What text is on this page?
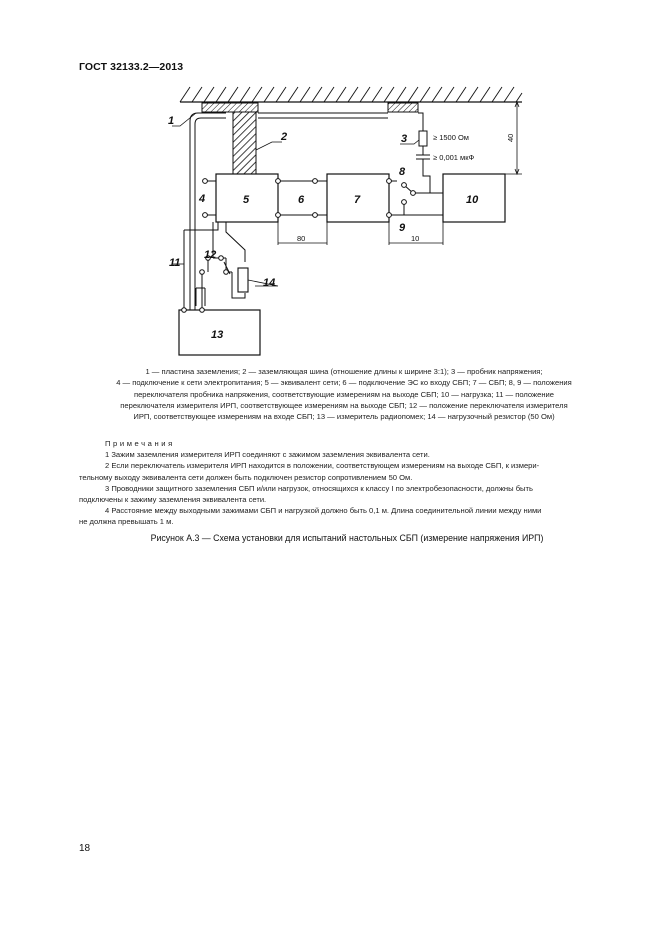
ГОСТ 32133.2—2013
1
2	3
4	5	6	7
8
9
10
11
12
13
14
≥ 1500 Ом
≥ 0,001 мкФ
40
80	10
1 — пластина заземления; 2 — заземляющая шина (отношение длины к ширине 3:1); 3 — пробник напряжения;
4 — подключение к сети электропитания; 5 — эквивалент сети; 6 — подключение ЭС ко входу СБП; 7 — СБП; 8, 9 — положения
переключателя пробника напряжения, соответствующие измерениям на выходе СБП; 10 — нагрузка; 11 — положение
переключателя измерителя ИРП, соответствующее измерениям на выходе СБП; 12 — положение переключателя измерителя
ИРП, соответствующее измерениям на входе СБП; 13 — измеритель радиопомех; 14 — нагрузочный резистор (50 Ом)

Примечания

1 Зажим заземления измерителя ИРП соединяют с зажимом заземления эквивалента сети.

2 Если переключатель измерителя ИРП находится в положении, соответствующем измерениям на выходе СБП, к измери-

тельному выходу эквивалента сети должен быть подключен резистор сопротивлением 50 Ом.

3 Проводники защитного заземления СБП и/или нагрузок, относящихся к классу I по электробезопасности, должны быть

подключены к зажиму заземления эквивалента сети.

4 Расстояние между выходными зажимами СБП и нагрузкой должно быть 0,1 м. Длина соединительной линии между ними

не должна превышать 1 м.

Рисунок А.3 — Схема установки для испытаний настольных СБП (измерение напряжения ИРП)
18
